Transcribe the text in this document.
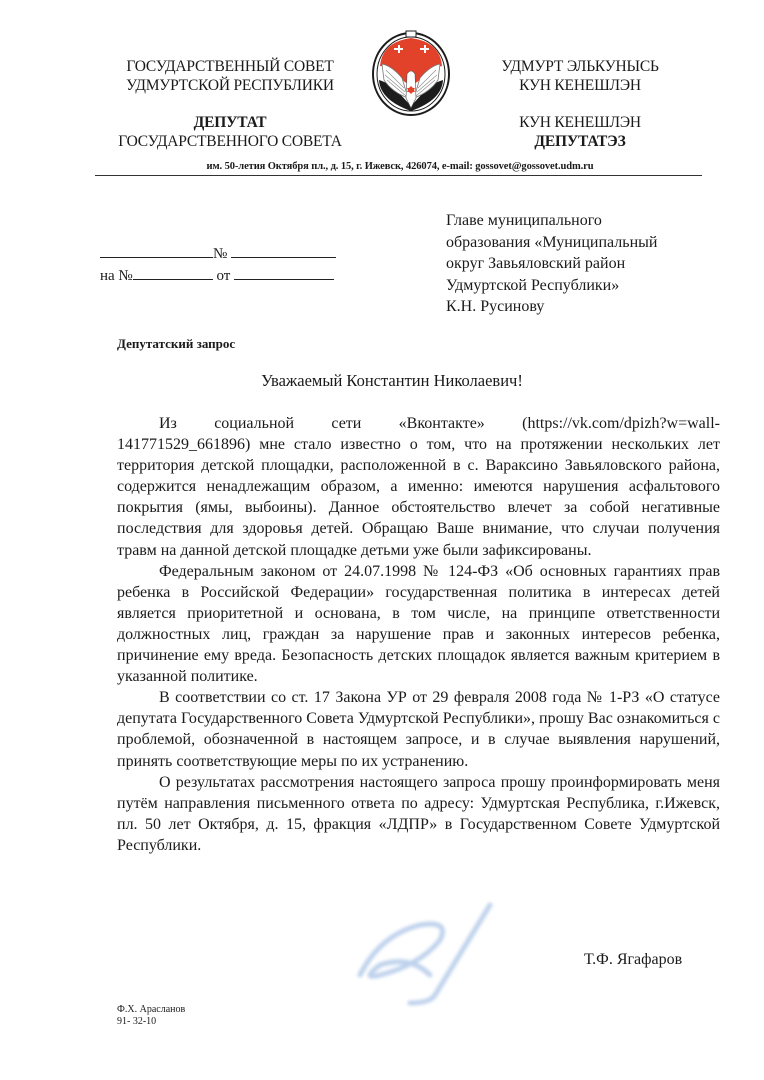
ГОСУДАРСТВЕННЫЙ СОВЕТ
УДМУРТСКОЙ РЕСПУБЛИКИ
ДЕПУТАТ
ГОСУДАРСТВЕННОГО СОВЕТА
УДМУРТ ЭЛЬКУНЫСЬ
КУН КЕНЕШЛЭН
КУН КЕНЕШЛЭН
ДЕПУТАТЭЗ
им. 50-летия Октября пл., д. 15, г. Ижевск, 426074, e-mail: gossovet@gossovet.udm.ru
№
на №	от
Главе муниципального
образования «Муниципальный
округ Завьяловский район
Удмуртской Республики»
К.Н. Русинову
Депутатский запрос
Уважаемый Константин Николаевич!

Из социальной сети «Вконтакте» (https://vk.com/dpizh?w=wall-141771529_661896) мне стало известно о том, что на протяжении нескольких лет территория детской площадки, расположенной в с. Вараксино Завьяловского района, содержится ненадлежащим образом, а именно: имеются нарушения асфальтового покрытия (ямы, выбоины). Данное обстоятельство влечет за собой негативные последствия для здоровья детей. Обращаю Ваше внимание, что случаи получения травм на данной детской площадке детьми уже были зафиксированы.

Федеральным законом от 24.07.1998 № 124-ФЗ «Об основных гарантиях прав ребенка в Российской Федерации» государственная политика в интересах детей является приоритетной и основана, в том числе, на принципе ответственности должностных лиц, граждан за нарушение прав и законных интересов ребенка, причинение ему вреда. Безопасность детских площадок является важным критерием в указанной политике.

В соответствии со ст. 17 Закона УР от 29 февраля 2008 года № 1-РЗ «О статусе депутата Государственного Совета Удмуртской Республики», прошу Вас ознакомиться с проблемой, обозначенной в настоящем запросе, и в случае выявления нарушений, принять соответствующие меры по их устранению.

О результатах рассмотрения настоящего запроса прошу проинформировать меня путём направления письменного ответа по адресу: Удмуртская Республика, г.Ижевск, пл. 50 лет Октября, д. 15, фракция «ЛДПР» в Государственном Совете Удмуртской Республики.

Т.Ф. Ягафаров
Ф.Х. Арасланов
91- 32-10
